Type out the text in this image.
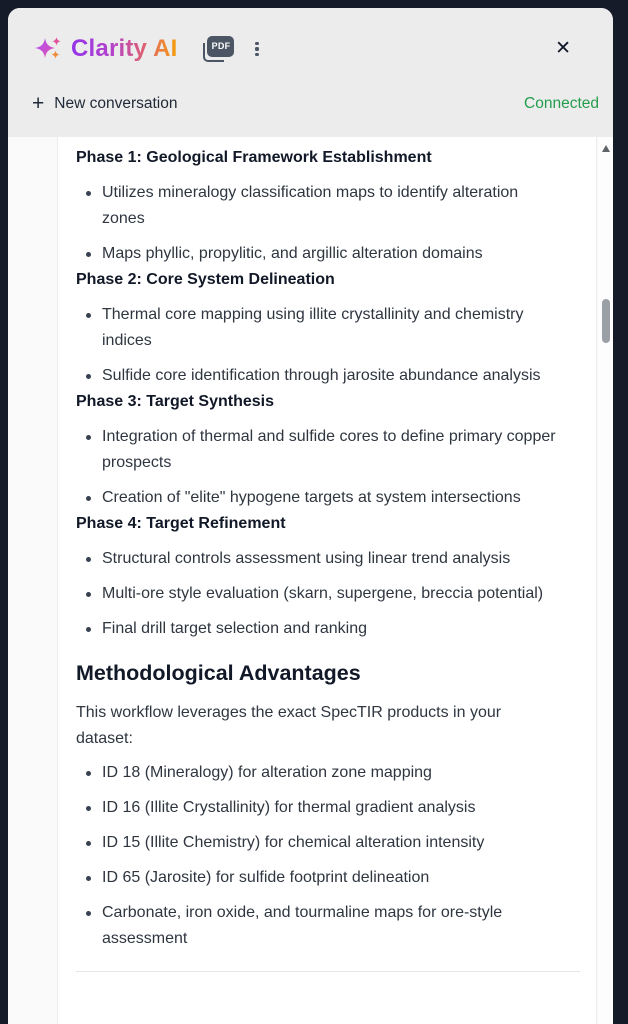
Clarity AI	PDF	✕
+ New conversation	Connected
Phase 1: Geological Framework Establishment
Utilizes mineralogy classification maps to identify alteration zones
Maps phyllic, propylitic, and argillic alteration domains
Phase 2: Core System Delineation
Thermal core mapping using illite crystallinity and chemistry indices
Sulfide core identification through jarosite abundance analysis
Phase 3: Target Synthesis
Integration of thermal and sulfide cores to define primary copper prospects
Creation of "elite" hypogene targets at system intersections
Phase 4: Target Refinement
Structural controls assessment using linear trend analysis
Multi-ore style evaluation (skarn, supergene, breccia potential)
Final drill target selection and ranking
Methodological Advantages
This workflow leverages the exact SpecTIR products in your dataset:
ID 18 (Mineralogy) for alteration zone mapping
ID 16 (Illite Crystallinity) for thermal gradient analysis
ID 15 (Illite Chemistry) for chemical alteration intensity
ID 65 (Jarosite) for sulfide footprint delineation
Carbonate, iron oxide, and tourmaline maps for ore-style assessment
